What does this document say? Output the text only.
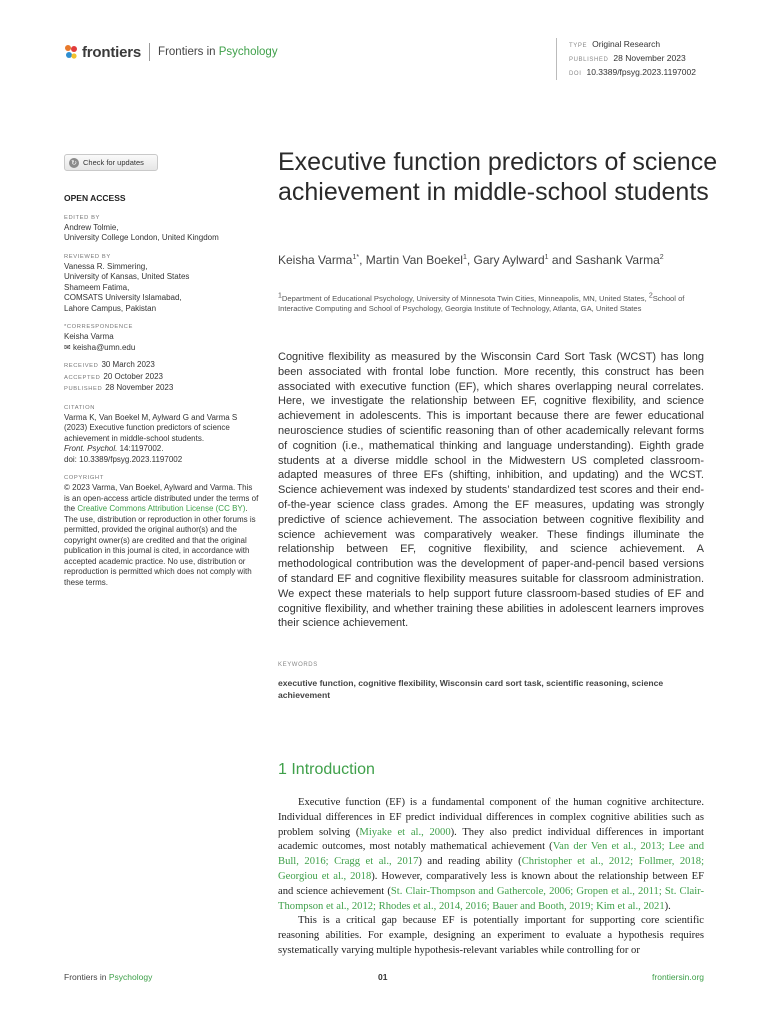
frontiers Frontiers in Psychology	TYPE Original Research
PUBLISHED 28 November 2023
DOI 10.3389/fpsyg.2023.1197002
↻ Check for updates
OPEN ACCESS
EDITED BY
Andrew Tolmie,
University College London, United Kingdom
REVIEWED BY
Vanessa R. Simmering,
University of Kansas, United States
Shameem Fatima,
COMSATS University Islamabad,
Lahore Campus, Pakistan
*CORRESPONDENCE
Keisha Varma
✉ keisha@umn.edu
RECEIVED 30 March 2023
ACCEPTED 20 October 2023
PUBLISHED 28 November 2023
CITATION
Varma K, Van Boekel M, Aylward G and Varma S (2023) Executive function predictors of science achievement in middle-school students.
Front. Psychol. 14:1197002.
doi: 10.3389/fpsyg.2023.1197002
COPYRIGHT
© 2023 Varma, Van Boekel, Aylward and Varma. This is an open-access article distributed under the terms of the Creative Commons Attribution License (CC BY). The use, distribution or reproduction in other forums is permitted, provided the original author(s) and the copyright owner(s) are credited and that the original publication in this journal is cited, in accordance with accepted academic practice. No use, distribution or reproduction is permitted which does not comply with these terms.
Executive function predictors of science achievement in middle-school students
Keisha Varma$^{1*}$, Martin Van Boekel$^1$, Gary Aylward$^1$ and Sashank Varma$^2$
$^1$Department of Educational Psychology, University of Minnesota Twin Cities, Minneapolis, MN, United States, $^2$School of Interactive Computing and School of Psychology, Georgia Institute of Technology, Atlanta, GA, United States
Cognitive flexibility as measured by the Wisconsin Card Sort Task (WCST) has long been associated with frontal lobe function. More recently, this construct has been associated with executive function (EF), which shares overlapping neural correlates. Here, we investigate the relationship between EF, cognitive flexibility, and science achievement in adolescents. This is important because there are fewer educational neuroscience studies of scientific reasoning than of other academically relevant forms of cognition (i.e., mathematical thinking and language understanding). Eighth grade students at a diverse middle school in the Midwestern US completed classroom-adapted measures of three EFs (shifting, inhibition, and updating) and the WCST. Science achievement was indexed by students’ standardized test scores and their end-of-the-year science class grades. Among the EF measures, updating was strongly predictive of science achievement. The association between cognitive flexibility and science achievement was comparatively weaker. These findings illuminate the relationship between EF, cognitive flexibility, and science achievement. A methodological contribution was the development of paper-and-pencil based versions of standard EF and cognitive flexibility measures suitable for classroom administration. We expect these materials to help support future classroom-based studies of EF and cognitive flexibility, and whether training these abilities in adolescent learners improves their science achievement.
KEYWORDS
executive function, cognitive flexibility, Wisconsin card sort task, scientific reasoning, science achievement
1 Introduction

Executive function (EF) is a fundamental component of the human cognitive architecture. Individual differences in EF predict individual differences in complex cognitive abilities such as problem solving (Miyake et al., 2000). They also predict individual differences in important academic outcomes, most notably mathematical achievement (Van der Ven et al., 2013; Lee and Bull, 2016; Cragg et al., 2017) and reading ability (Christopher et al., 2012; Follmer, 2018; Georgiou et al., 2018). However, comparatively less is known about the relationship between EF and science achievement (St. Clair-Thompson and Gathercole, 2006; Gropen et al., 2011; St. Clair-Thompson et al., 2012; Rhodes et al., 2014, 2016; Bauer and Booth, 2019; Kim et al., 2021).

This is a critical gap because EF is potentially important for supporting core scientific reasoning abilities. For example, designing an experiment to evaluate a hypothesis requires systematically varying multiple hypothesis-relevant variables while controlling for or

Frontiers in Psychology	01	frontiersin.org
